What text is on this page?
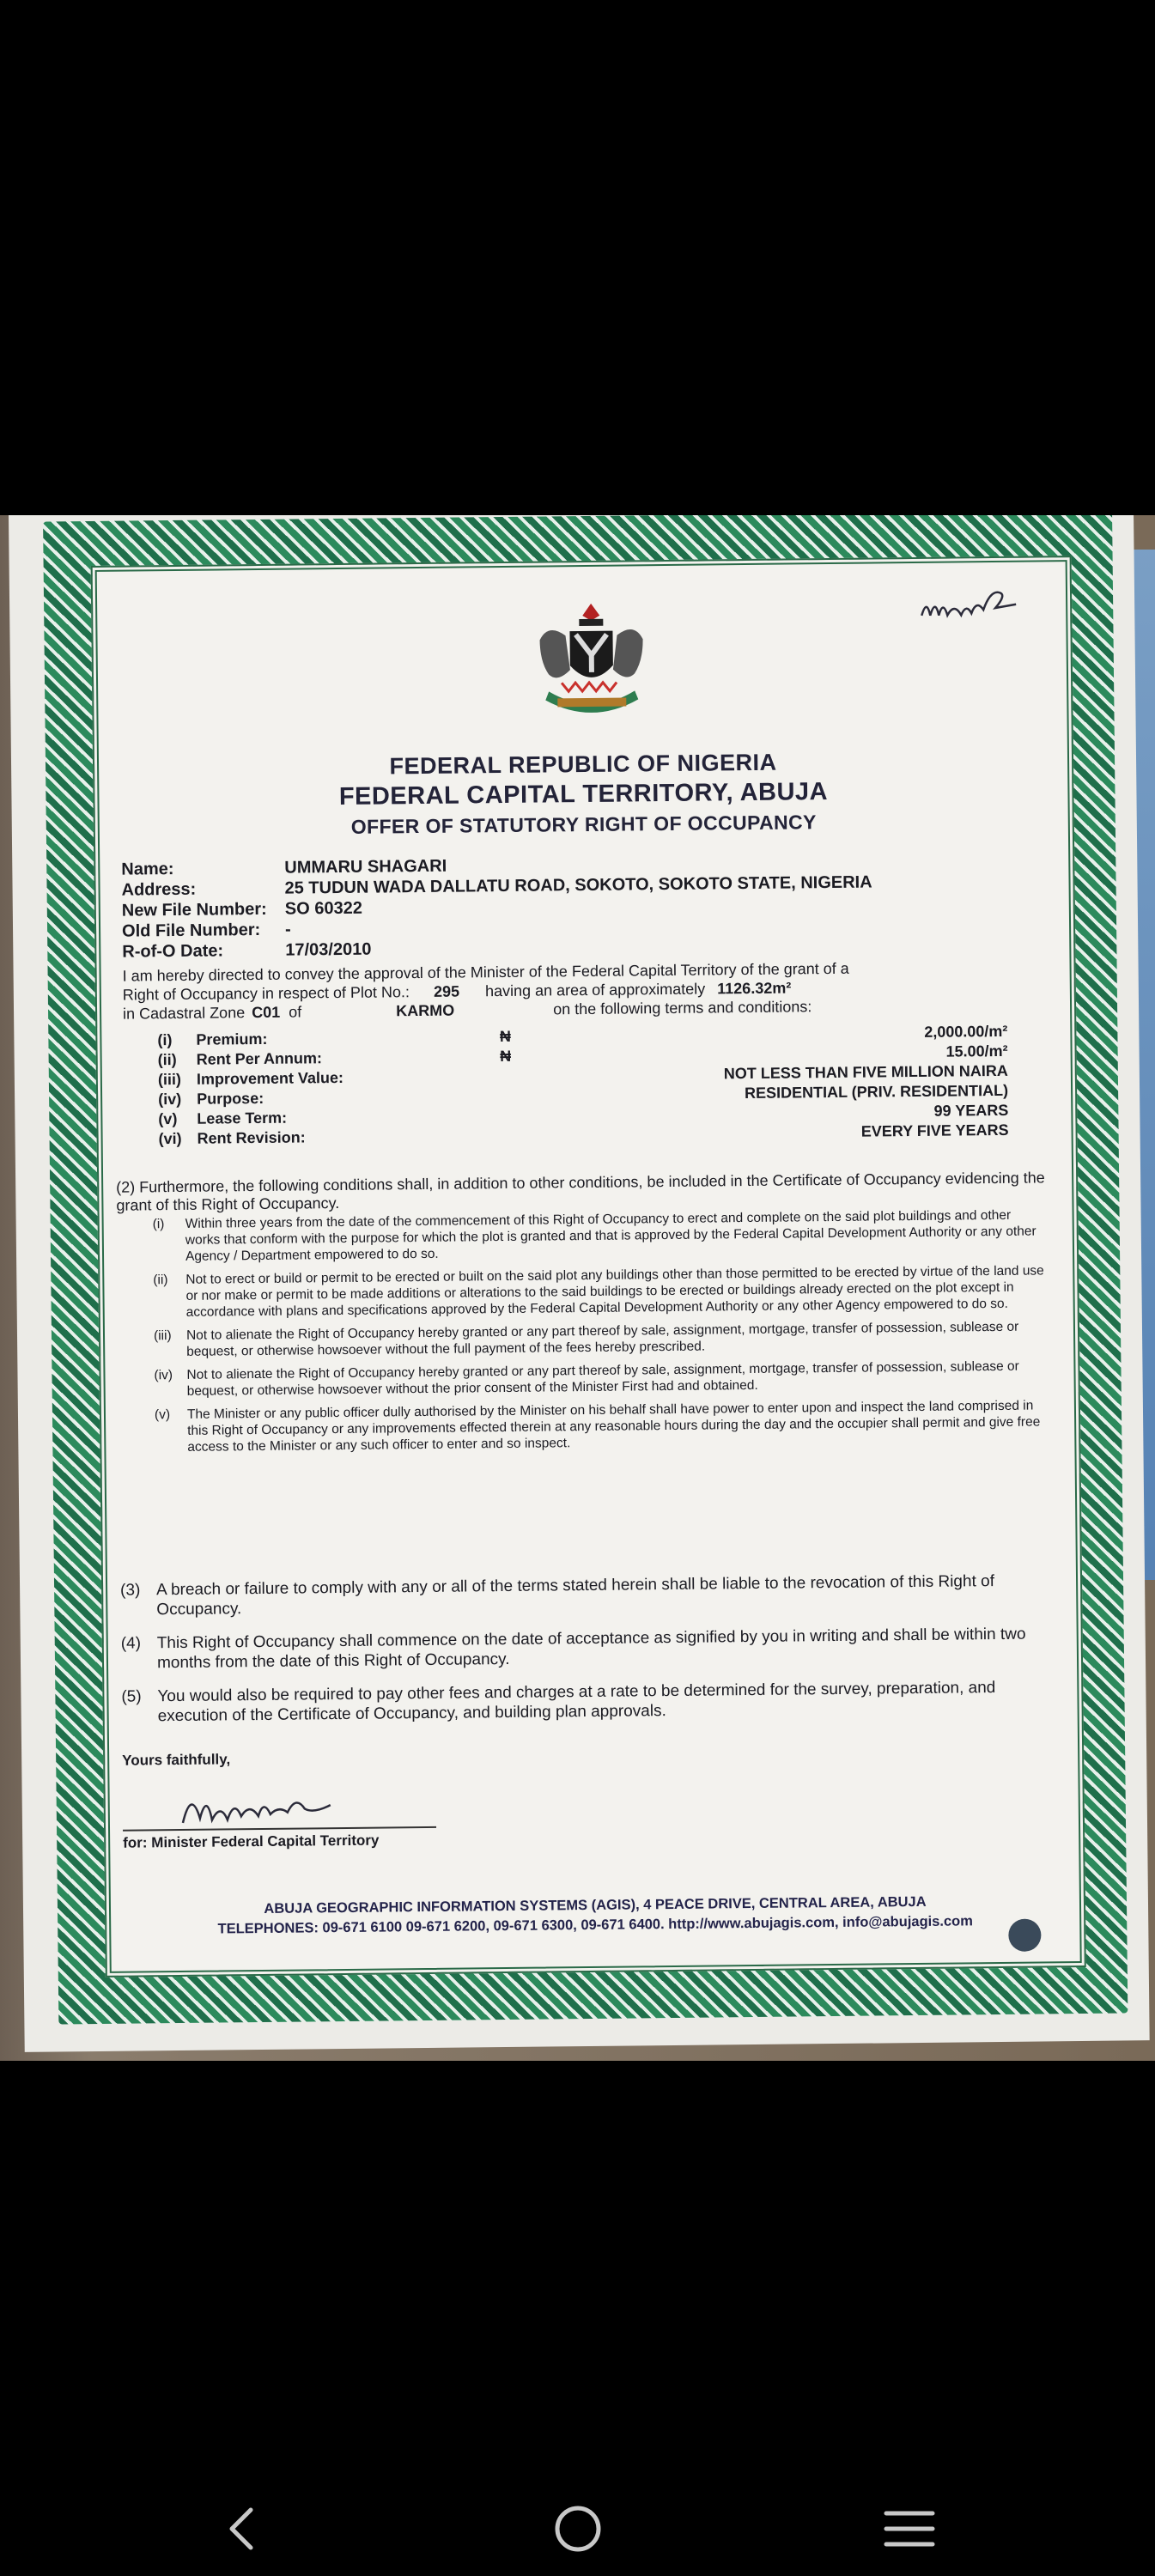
FEDERAL REPUBLIC OF NIGERIA
FEDERAL CAPITAL TERRITORY, ABUJA
OFFER OF STATUTORY RIGHT OF OCCUPANCY
Name:	UMMARU SHAGARI
Address:	25 TUDUN WADA DALLATU ROAD, SOKOTO, SOKOTO STATE, NIGERIA
New File Number:	SO 60322
Old File Number:	-
R-of-O Date:	17/03/2010
I am hereby directed to convey the approval of the Minister of the Federal Capital Territory of the grant of a
Right of Occupancy in respect of Plot No.: 295 having an area of approximately 1126.32m²
in Cadastral Zone C01 of	KARMO	on the following terms and conditions:
(i)	Premium:	₦	2,000.00/m²
(ii)	Rent Per Annum:	₦	15.00/m²
(iii) Improvement Value:	NOT LESS THAN FIVE MILLION NAIRA
(iv) Purpose:	RESIDENTIAL (PRIV. RESIDENTIAL)
(v)	Lease Term:	99 YEARS
(vi) Rent Revision:	EVERY FIVE YEARS
(2) Furthermore, the following conditions shall, in addition to other conditions, be included in the Certificate of Occupancy evidencing the grant of this Right of Occupancy.
(i)	Within three years from the date of the commencement of this Right of Occupancy to erect and complete on the said plot buildings and other works that conform with the purpose for which the plot is granted and that is approved by the Federal Capital Development Authority or any other Agency / Department empowered to do so.
(ii)	Not to erect or build or permit to be erected or built on the said plot any buildings other than those permitted to be erected by virtue of the land use or nor make or permit to be made additions or alterations to the said buildings to be erected or buildings already erected on the plot except in accordance with plans and specifications approved by the Federal Capital Development Authority or any other Agency empowered to do so.
(iii)	Not to alienate the Right of Occupancy hereby granted or any part thereof by sale, assignment, mortgage, transfer of possession, sublease or bequest, or otherwise howsoever without the full payment of the fees hereby prescribed.
(iv)	Not to alienate the Right of Occupancy hereby granted or any part thereof by sale, assignment, mortgage, transfer of possession, sublease or bequest, or otherwise howsoever without the prior consent of the Minister First had and obtained.
(v)	The Minister or any public officer dully authorised by the Minister on his behalf shall have power to enter upon and inspect the land comprised in this Right of Occupancy or any improvements effected therein at any reasonable hours during the day and the occupier shall permit and give free access to the Minister or any such officer to enter and so inspect.
(3) A breach or failure to comply with any or all of the terms stated herein shall be liable to the revocation of this Right of Occupancy.
(4) This Right of Occupancy shall commence on the date of acceptance as signified by you in writing and shall be within two months from the date of this Right of Occupancy.
(5) You would also be required to pay other fees and charges at a rate to be determined for the survey, preparation, and execution of the Certificate of Occupancy, and building plan approvals.
Yours faithfully,
for: Minister Federal Capital Territory
ABUJA GEOGRAPHIC INFORMATION SYSTEMS (AGIS), 4 PEACE DRIVE, CENTRAL AREA, ABUJA
TELEPHONES: 09-671 6100 09-671 6200, 09-671 6300, 09-671 6400. http://www.abujagis.com, info@abujagis.com
